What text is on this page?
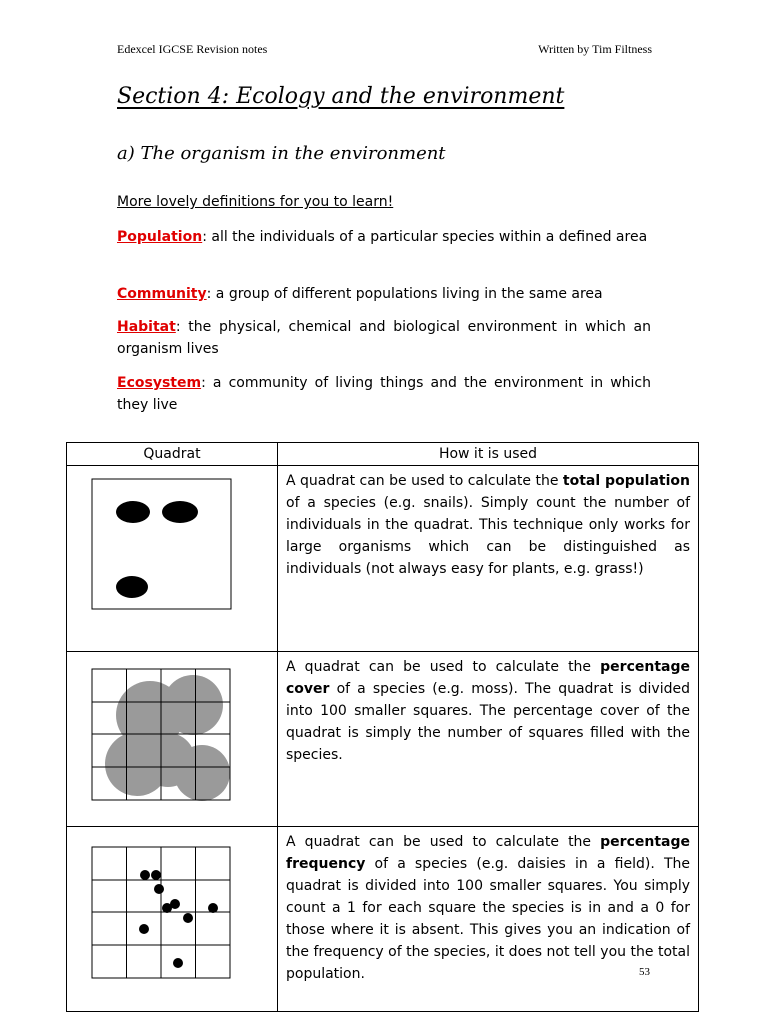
Edexcel IGCSE Revision notes	Written by Tim Filtness
Section 4: Ecology and the environment
a) The organism in the environment
More lovely definitions for you to learn!
Population: all the individuals of a particular species within a defined area
Community: a group of different populations living in the same area
Habitat: the physical, chemical and biological environment in which an organism lives
Ecosystem: a community of living things and the environment in which they live
Quadrat	How it is used

	A quadrat can be used to calculate the total population of a species (e.g. snails). Simply count the number of individuals in the quadrat. This technique only works for large organisms which can be distinguished as individuals (not always easy for plants, e.g. grass!)

	A quadrat can be used to calculate the percentage cover of a species (e.g. moss). The quadrat is divided into 100 smaller squares. The percentage cover of the quadrat is simply the number of squares filled with the species.

	A quadrat can be used to calculate the percentage frequency of a species (e.g. daisies in a field). The quadrat is divided into 100 smaller squares. You simply count a 1 for each square the species is in and a 0 for those where it is absent. This gives you an indication of the frequency of the species, it does not tell you the total population.	53
